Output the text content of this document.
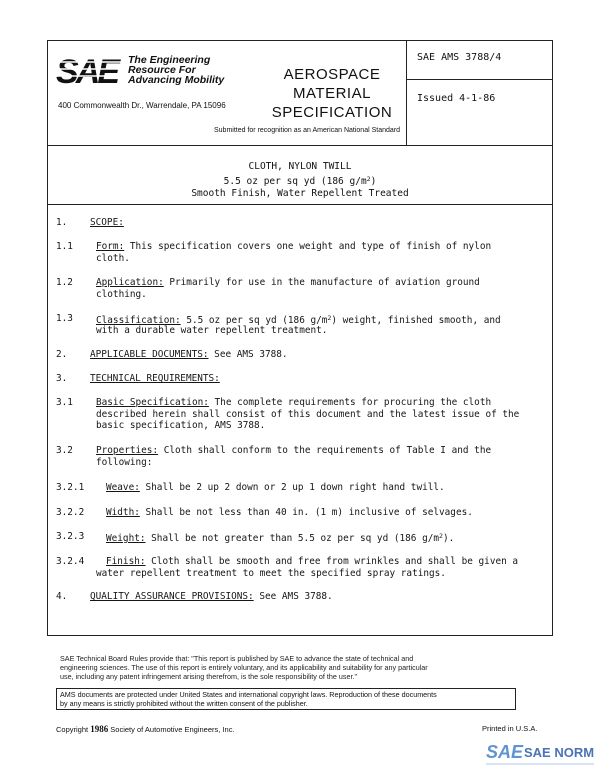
SAE The Engineering
Resource For
Advancing Mobility
400 Commonwealth Dr., Warrendale, PA 15096
AEROSPACE
MATERIAL
SPECIFICATION
Submitted for recognition as an American National Standard
SAE AMS 3788/4
Issued 4-1-86
CLOTH, NYLON TWILL
5.5 oz per sq yd (186 $g/m^2$)
Smooth Finish, Water Repellent Treated
1. SCOPE:
1.1 Form: This specification covers one weight and type of finish of nylon
cloth.
1.2 Application: Primarily for use in the manufacture of aviation ground
clothing.
1.3 Classification: 5.5 oz per sq yd (186 $g/m^2$) weight, finished smooth, and
with a durable water repellent treatment.
2. APPLICABLE DOCUMENTS: See AMS 3788.
3. TECHNICAL REQUIREMENTS:
3.1 Basic Specification: The complete requirements for procuring the cloth
described herein shall consist of this document and the latest issue of the
basic specification, AMS 3788.
3.2 Properties: Cloth shall conform to the requirements of Table I and the
following:
3.2.1 Weave: Shall be 2 up 2 down or 2 up 1 down right hand twill.
3.2.2 Width: Shall be not less than 40 in. (1 m) inclusive of selvages.
3.2.3 Weight: Shall be not greater than 5.5 oz per sq yd (186 $g/m^2$).
3.2.4 Finish: Cloth shall be smooth and free from wrinkles and shall be given a
water repellent treatment to meet the specified spray ratings.
4. QUALITY ASSURANCE PROVISIONS: See AMS 3788.
SAE Technical Board Rules provide that: "This report is published by SAE to advance the state of technical and
engineering sciences. The use of this report is entirely voluntary, and its applicability and suitability for any particular
use, including any patent infringement arising therefrom, is the sole responsibility of the user."
AMS documents are protected under United States and international copyright laws. Reproduction of these documents
by any means is strictly prohibited without the written consent of the publisher.
Copyright 1986 Society of Automotive Engineers, Inc.	Printed in U.S.A.
SAE SAE NORM
